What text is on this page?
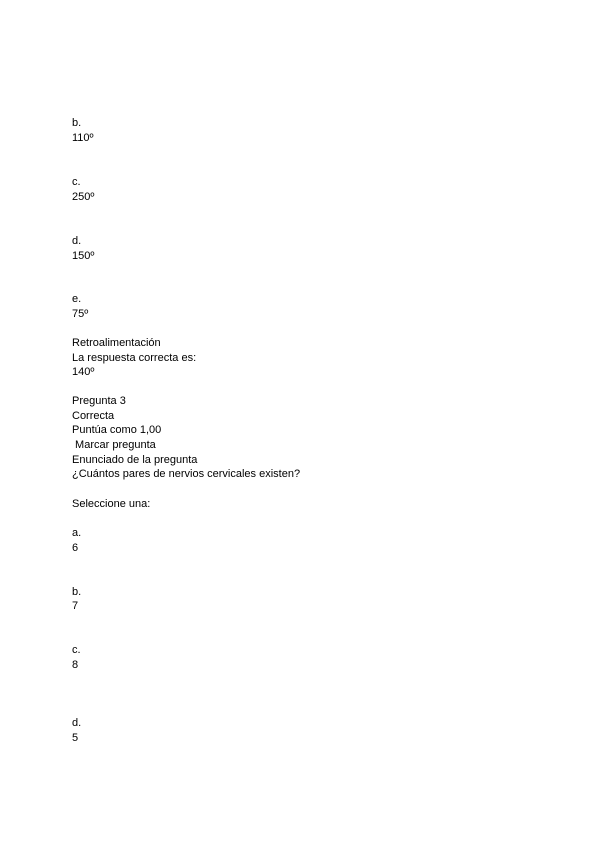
b.
110º
c.
250º
d.
150º
e.
75º
Retroalimentación
La respuesta correcta es:
140º
Pregunta 3
Correcta
Puntúa como 1,00
Marcar pregunta
Enunciado de la pregunta
¿Cuántos pares de nervios cervicales existen?
Seleccione una:
a.
6
b.
7
c.
8
d.
5
